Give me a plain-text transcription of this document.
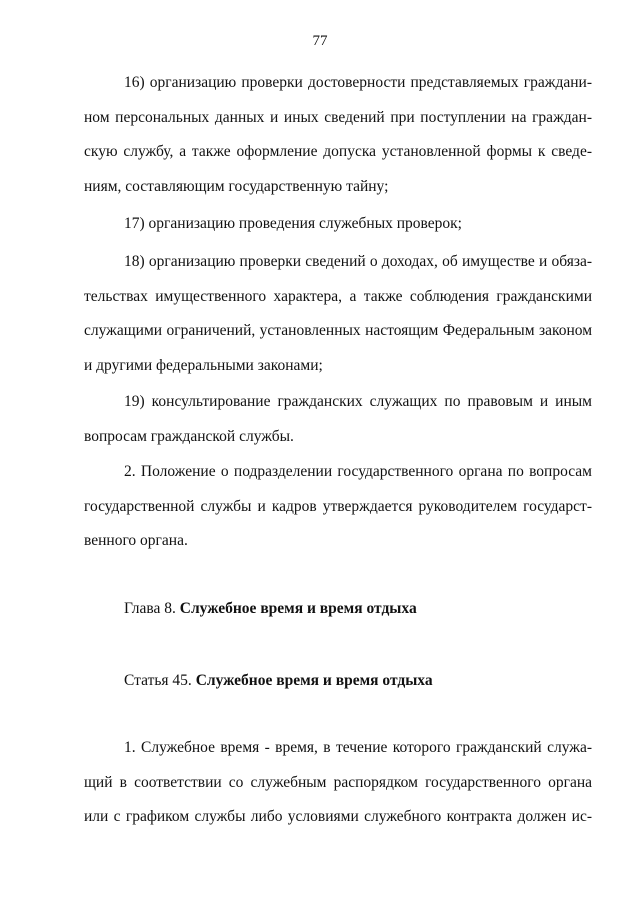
77
16) организацию проверки достоверности представляемых граждани-
ном персональных данных и иных сведений при поступлении на граждан-
скую службу, а также оформление допуска установленной формы к сведе-
ниям, составляющим государственную тайну;
17) организацию проведения служебных проверок;
18) организацию проверки сведений о доходах, об имуществе и обяза-
тельствах имущественного характера, а также соблюдения гражданскими
служащими ограничений, установленных настоящим Федеральным законом
и другими федеральными законами;
19) консультирование гражданских служащих по правовым и иным
вопросам гражданской службы.
2. Положение о подразделении государственного органа по вопросам
государственной службы и кадров утверждается руководителем государст-
венного органа.
Глава 8. Служебное время и время отдыха
Статья 45. Служебное время и время отдыха
1. Служебное время - время, в течение которого гражданский служа-
щий в соответствии со служебным распорядком государственного органа
или с графиком службы либо условиями служебного контракта должен ис-
